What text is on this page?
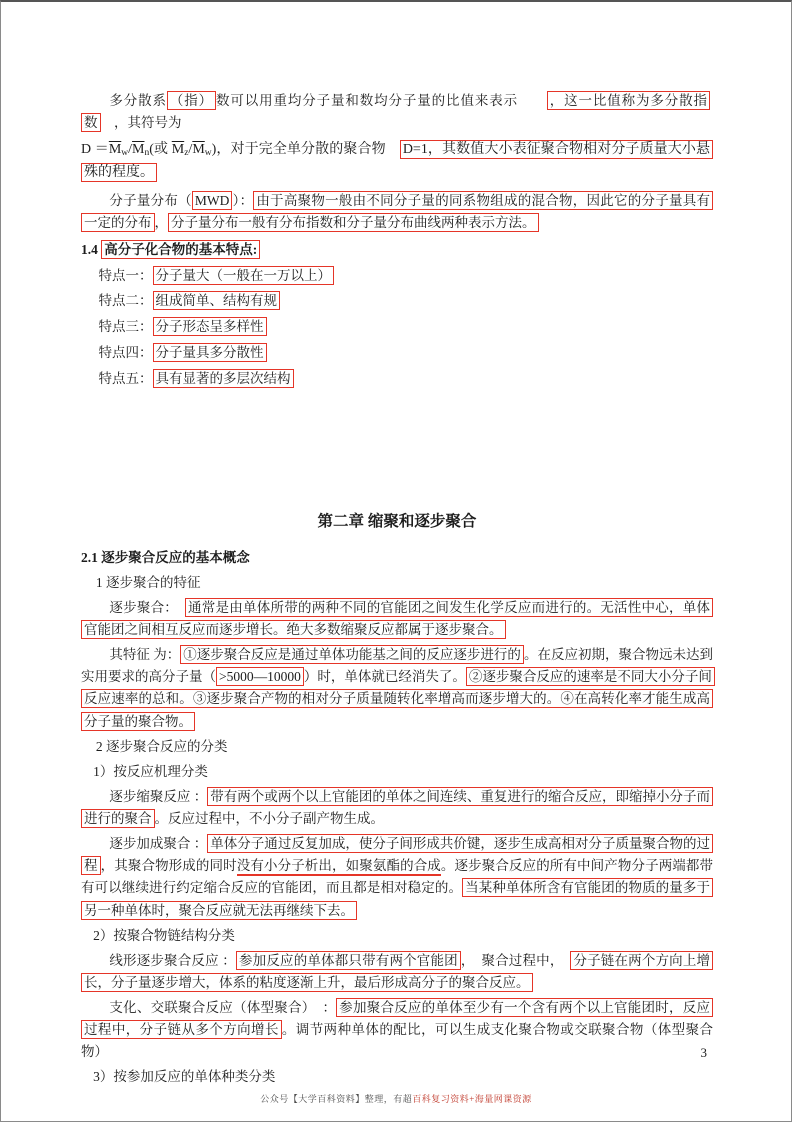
多分散系 （指） 数可以用重均分子量和数均分子量的比值来表示　　，这一比值称为多分散指数　，其符号为
$D =\overline{M}w/\overline{M}n$(或 $\overline{M}z/\overline{M}w$)，对于完全单分散的聚合物　D=1，其数值大小表征聚合物相对分子质量大小悬殊的程度。
分子量分布（ MWD ）： 由于高聚物一般由不同分子量的同系物组成的混合物，因此它的分子量具有一定的分布 ， 分子量分布一般有分布指数和分子量分布曲线两种表示方法。
1.4 高分子化合物的基本特点:
特点一： 分子量大（一般在一万以上）
特点二： 组成简单、结构有规
特点三： 分子形态呈多样性
特点四： 分子量具多分散性
特点五： 具有显著的多层次结构
第二章 缩聚和逐步聚合
2.1 逐步聚合反应的基本概念
1 逐步聚合的特征
逐步聚合：　通常是由单体所带的两种不同的官能团之间发生化学反应而进行的。无活性中心，单体官能团之间相互反应而逐步增长。绝大多数缩聚反应都属于逐步聚合。
其特征 为： ①逐步聚合反应是通过单体功能基之间的反应逐步进行的 。在反应初期，聚合物远未达到实用要求的高分子量（ >5000—10000 ）时，单体就已经消失了。 ②逐步聚合反应的速率是不同大小分子间反应速率的总和。③逐步聚合产物的相对分子质量随转化率增高而逐步增大的。④在高转化率才能生成高分子量的聚合物。
2 逐步聚合反应的分类
1）按反应机理分类
逐步缩聚反应 ： 带有两个或两个以上官能团的单体之间连续、重复进行的缩合反应，即缩掉小分子而进行的聚合 。反应过程中，不小分子副产物生成。
逐步加成聚合 ： 单体分子通过反复加成，使分子间形成共价键，逐步生成高相对分子质量聚合物的过程 ，其聚合物形成的同时没有小分子析出，如聚氨酯的合成。逐步聚合反应的所有中间产物分子两端都带有可以继续进行约定缩合反应的官能团，而且都是相对稳定的。 当某种单体所含有官能团的物质的量多于另一种单体时，聚合反应就无法再继续下去。
2）按聚合物链结构分类
线形逐步聚合反应 ： 参加反应的单体都只带有两个官能团 ，　聚合过程中，　分子链在两个方向上增长，分子量逐步增大，体系的粘度逐渐上升，最后形成高分子的聚合反应。
支化、交联聚合反应（体型聚合）　： 参加聚合反应的单体至少有一个含有两个以上官能团时，反应过程中，分子链从多个方向增长 。调节两种单体的配比，可以生成支化聚合物或交联聚合物（体型聚合物）
3）按参加反应的单体种类分类
3
公众号【大学百科资料】整理，有超百科复习资料+海量网课资源
